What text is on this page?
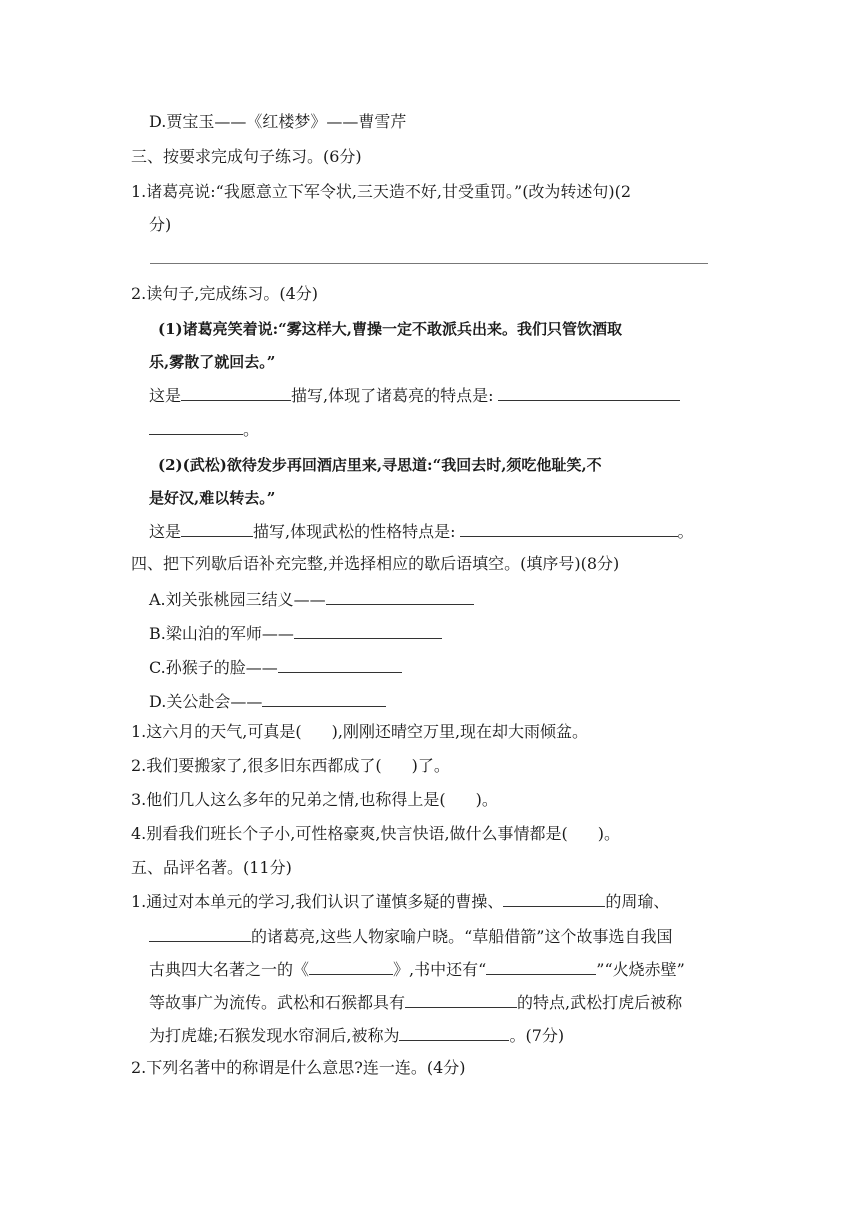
D.贾宝玉——《红楼梦》——曹雪芹
三、按要求完成句子练习。(6分)
1.诸葛亮说:“我愿意立下军令状,三天造不好,甘受重罚。”(改为转述句)(2
分)
2.读句子,完成练习。(4分)
(1)诸葛亮笑着说:“雾这样大,曹操一定不敢派兵出来。我们只管饮酒取
乐,雾散了就回去。”
这是	描写,体现了诸葛亮的特点是:
。
(2)(武松)欲待发步再回酒店里来,寻思道:“我回去时,须吃他耻笑,不
是好汉,难以转去。”
这是	描写,体现武松的性格特点是:	。
四、把下列歇后语补充完整,并选择相应的歇后语填空。(填序号)(8分)
A.刘关张桃园三结义——
B.梁山泊的军师——
C.孙猴子的脸——
D.关公赴会——
1.这六月的天气,可真是( ),刚刚还晴空万里,现在却大雨倾盆。
2.我们要搬家了,很多旧东西都成了( )了。
3.他们几人这么多年的兄弟之情,也称得上是( )。
4.别看我们班长个子小,可性格豪爽,快言快语,做什么事情都是( )。
五、品评名著。(11分)
1.通过对本单元的学习,我们认识了谨慎多疑的曹操、	的周瑜、
的诸葛亮,这些人物家喻户晓。“草船借箭”这个故事选自我国
古典四大名著之一的《	》,书中还有“	”“火烧赤壁”
等故事广为流传。武松和石猴都具有	的特点,武松打虎后被称
为打虎雄;石猴发现水帘洞后,被称为	。(7分)
2.下列名著中的称谓是什么意思?连一连。(4分)
